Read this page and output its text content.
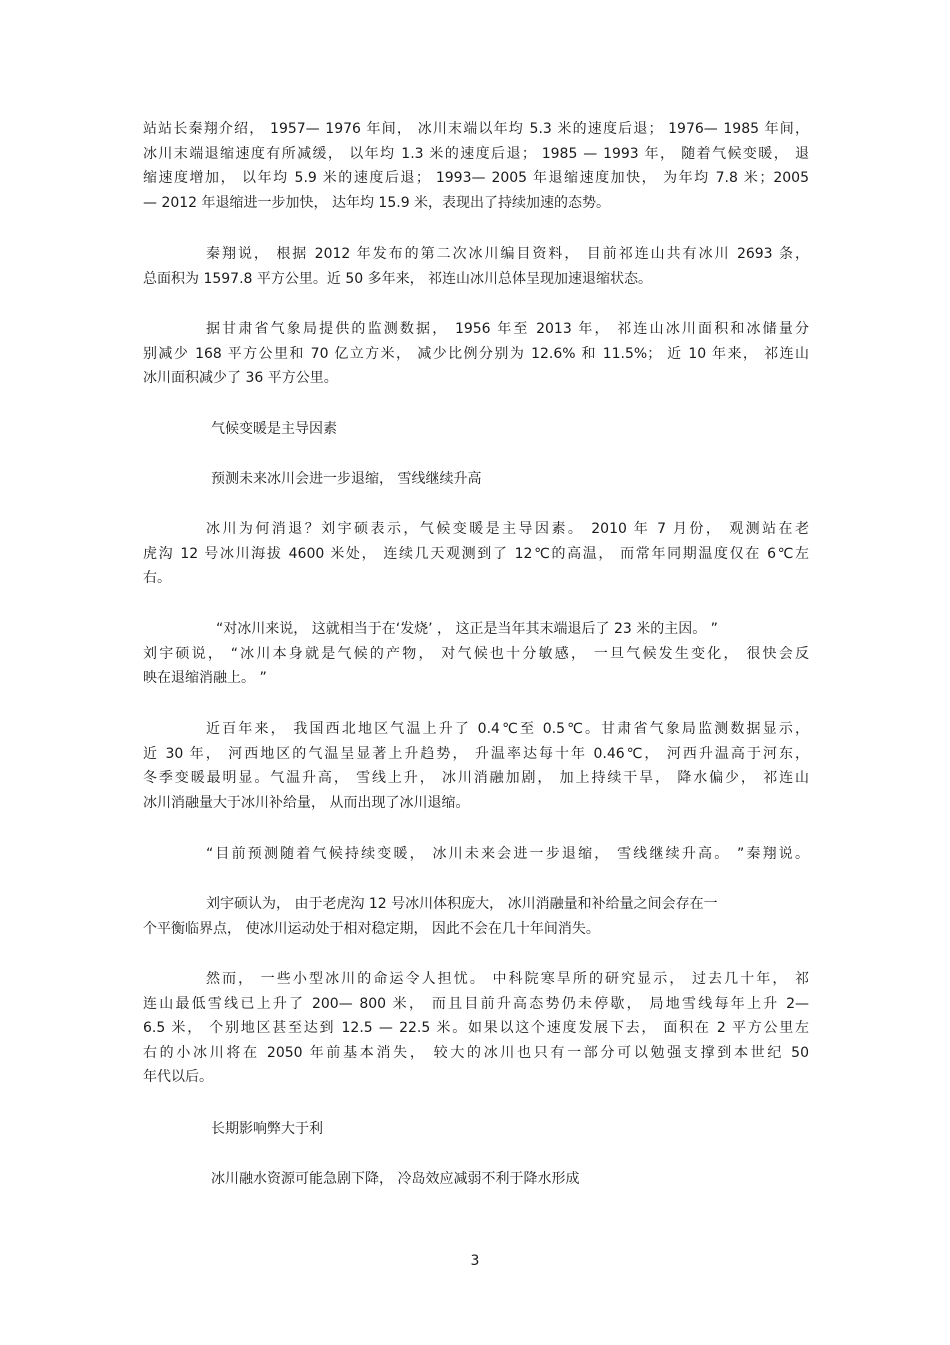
站站长秦翔介绍， 1957— 1976 年间， 冰川末端以年均 5.3 米的速度后退； 1976— 1985 年间，
冰川末端退缩速度有所减缓， 以年均 1.3 米的速度后退； 1985 — 1993 年， 随着气候变暖， 退
缩速度增加， 以年均 5.9 米的速度后退； 1993— 2005 年退缩速度加快， 为年均 7.8 米；2005
— 2012 年退缩进一步加快， 达年均 15.9 米，表现出了持续加速的态势。
秦翔说， 根据 2012 年发布的第二次冰川编目资料， 目前祁连山共有冰川 2693 条，
总面积为 1597.8 平方公里。近 50 多年来， 祁连山冰川总体呈现加速退缩状态。
据甘肃省气象局提供的监测数据， 1956 年至 2013 年， 祁连山冰川面积和冰储量分
别减少 168 平方公里和 70 亿立方米， 减少比例分别为 12.6% 和 11.5%； 近 10 年来， 祁连山
冰川面积减少了 36 平方公里。
气候变暖是主导因素
预测未来冰川会进一步退缩， 雪线继续升高
冰川为何消退？刘宇硕表示，气候变暖是主导因素。 2010 年 7 月份， 观测站在老
虎沟 12 号冰川海拔 4600 米处， 连续几天观测到了 12℃的高温， 而常年同期温度仅在 6℃左
右。
“对冰川来说， 这就相当于在‘发烧’ ， 这正是当年其末端退后了 23 米的主因。 ”
刘宇硕说， “冰川本身就是气候的产物， 对气候也十分敏感， 一旦气候发生变化， 很快会反
映在退缩消融上。 ”
近百年来， 我国西北地区气温上升了 0.4℃至 0.5℃。甘肃省气象局监测数据显示，
近 30 年， 河西地区的气温呈显著上升趋势， 升温率达每十年 0.46℃， 河西升温高于河东，
冬季变暖最明显。气温升高， 雪线上升， 冰川消融加剧， 加上持续干旱， 降水偏少， 祁连山
冰川消融量大于冰川补给量， 从而出现了冰川退缩。
“目前预测随着气候持续变暖， 冰川未来会进一步退缩， 雪线继续升高。 ”秦翔说。
刘宇硕认为， 由于老虎沟 12 号冰川体积庞大， 冰川消融量和补给量之间会存在一
个平衡临界点， 使冰川运动处于相对稳定期， 因此不会在几十年间消失。
然而， 一些小型冰川的命运令人担忧。 中科院寒旱所的研究显示， 过去几十年， 祁
连山最低雪线已上升了 200— 800 米， 而且目前升高态势仍未停歇， 局地雪线每年上升 2—
6.5 米， 个别地区甚至达到 12.5 — 22.5 米。如果以这个速度发展下去， 面积在 2 平方公里左
右的小冰川将在 2050 年前基本消失， 较大的冰川也只有一部分可以勉强支撑到本世纪 50
年代以后。
长期影响弊大于利
冰川融水资源可能急剧下降， 冷岛效应减弱不利于降水形成
3
